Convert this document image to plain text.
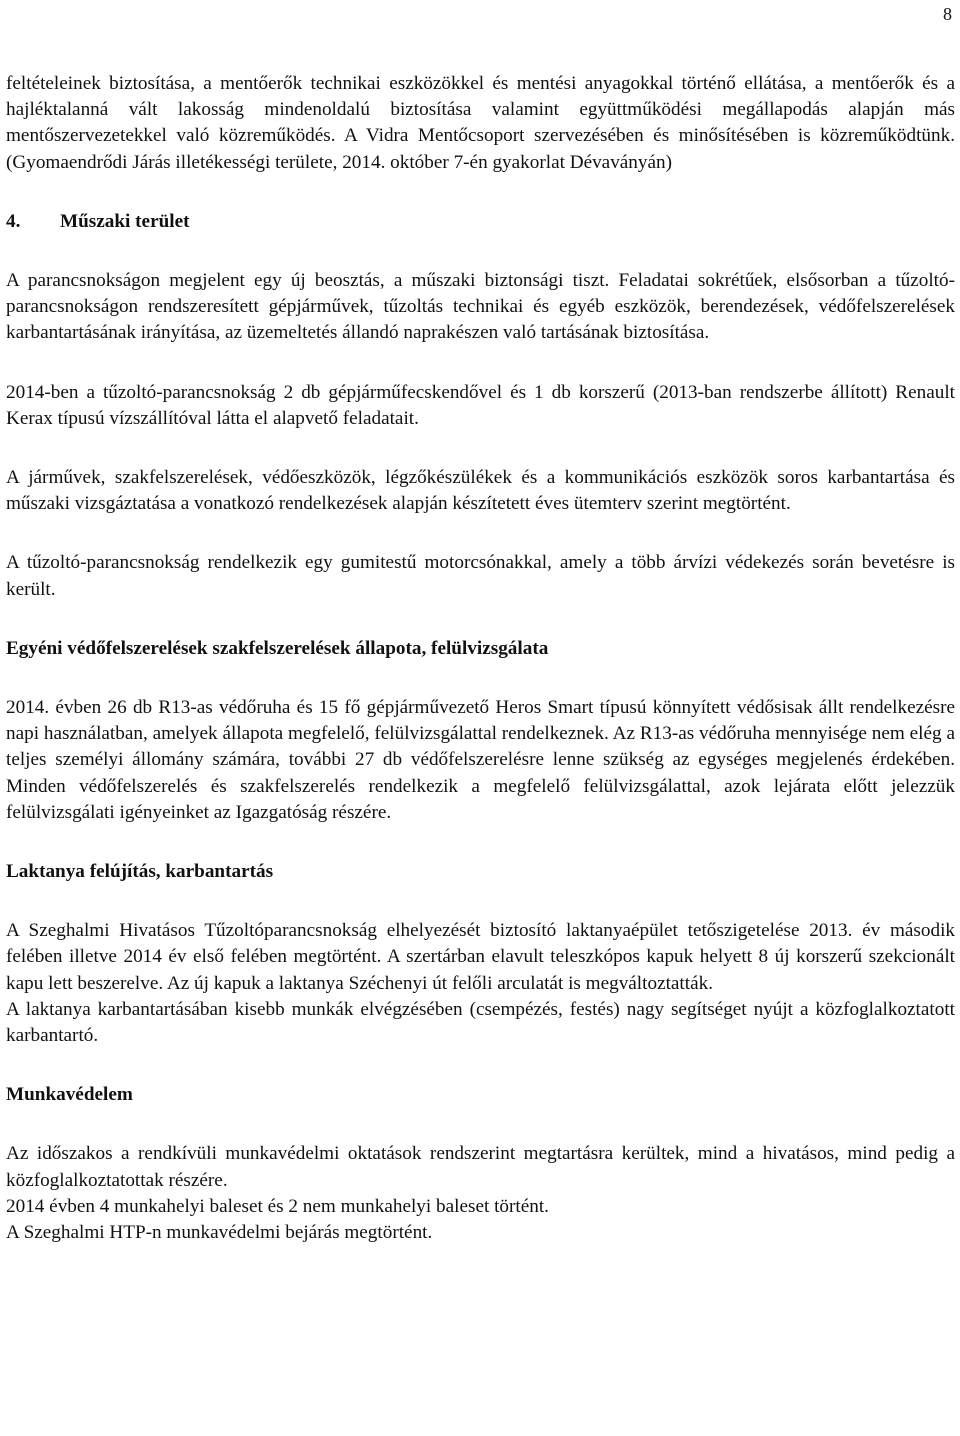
8

feltételeinek biztosítása, a mentőerők technikai eszközökkel és mentési anyagokkal történő ellátása, a mentőerők és a hajléktalanná vált lakosság mindenoldalú biztosítása valamint együttműködési megállapodás alapján más mentőszervezetekkel való közreműködés. A Vidra Mentőcsoport szervezésében és minősítésében is közreműködtünk. (Gyomaendrődi Járás illetékességi területe, 2014. október 7-én gyakorlat Dévaványán)

4. Műszaki terület

A parancsnokságon megjelent egy új beosztás, a műszaki biztonsági tiszt. Feladatai sokrétűek, elsősorban a tűzoltó-parancsnokságon rendszeresített gépjárművek, tűzoltás technikai és egyéb eszközök, berendezések, védőfelszerelések karbantartásának irányítása, az üzemeltetés állandó naprakészen való tartásának biztosítása.

2014-ben a tűzoltó-parancsnokság 2 db gépjárműfecskendővel és 1 db korszerű (2013-ban rendszerbe állított) Renault Kerax típusú vízszállítóval látta el alapvető feladatait.

A járművek, szakfelszerelések, védőeszközök, légzőkészülékek és a kommunikációs eszközök soros karbantartása és műszaki vizsgáztatása a vonatkozó rendelkezések alapján készítetett éves ütemterv szerint megtörtént.

A tűzoltó-parancsnokság rendelkezik egy gumitestű motorcsónakkal, amely a több árvízi védekezés során bevetésre is került.

Egyéni védőfelszerelések szakfelszerelések állapota, felülvizsgálata

2014. évben 26 db R13-as védőruha és 15 fő gépjárművezető Heros Smart típusú könnyített védősisak állt rendelkezésre napi használatban, amelyek állapota megfelelő, felülvizsgálattal rendelkeznek. Az R13-as védőruha mennyisége nem elég a teljes személyi állomány számára, további 27 db védőfelszerelésre lenne szükség az egységes megjelenés érdekében. Minden védőfelszerelés és szakfelszerelés rendelkezik a megfelelő felülvizsgálattal, azok lejárata előtt jelezzük felülvizsgálati igényeinket az Igazgatóság részére.

Laktanya felújítás, karbantartás

A Szeghalmi Hivatásos Tűzoltóparancsnokság elhelyezését biztosító laktanyaépület tetőszigetelése 2013. év második felében illetve 2014 év első felében megtörtént. A szertárban elavult teleszkópos kapuk helyett 8 új korszerű szekcionált kapu lett beszerelve. Az új kapuk a laktanya Széchenyi út felőli arculatát is megváltoztatták.

A laktanya karbantartásában kisebb munkák elvégzésében (csempézés, festés) nagy segítséget nyújt a közfoglalkoztatott karbantartó.

Munkavédelem

Az időszakos a rendkívüli munkavédelmi oktatások rendszerint megtartásra kerültek, mind a hivatásos, mind pedig a közfoglalkoztatottak részére.

2014 évben 4 munkahelyi baleset és 2 nem munkahelyi baleset történt.

A Szeghalmi HTP-n munkavédelmi bejárás megtörtént.
